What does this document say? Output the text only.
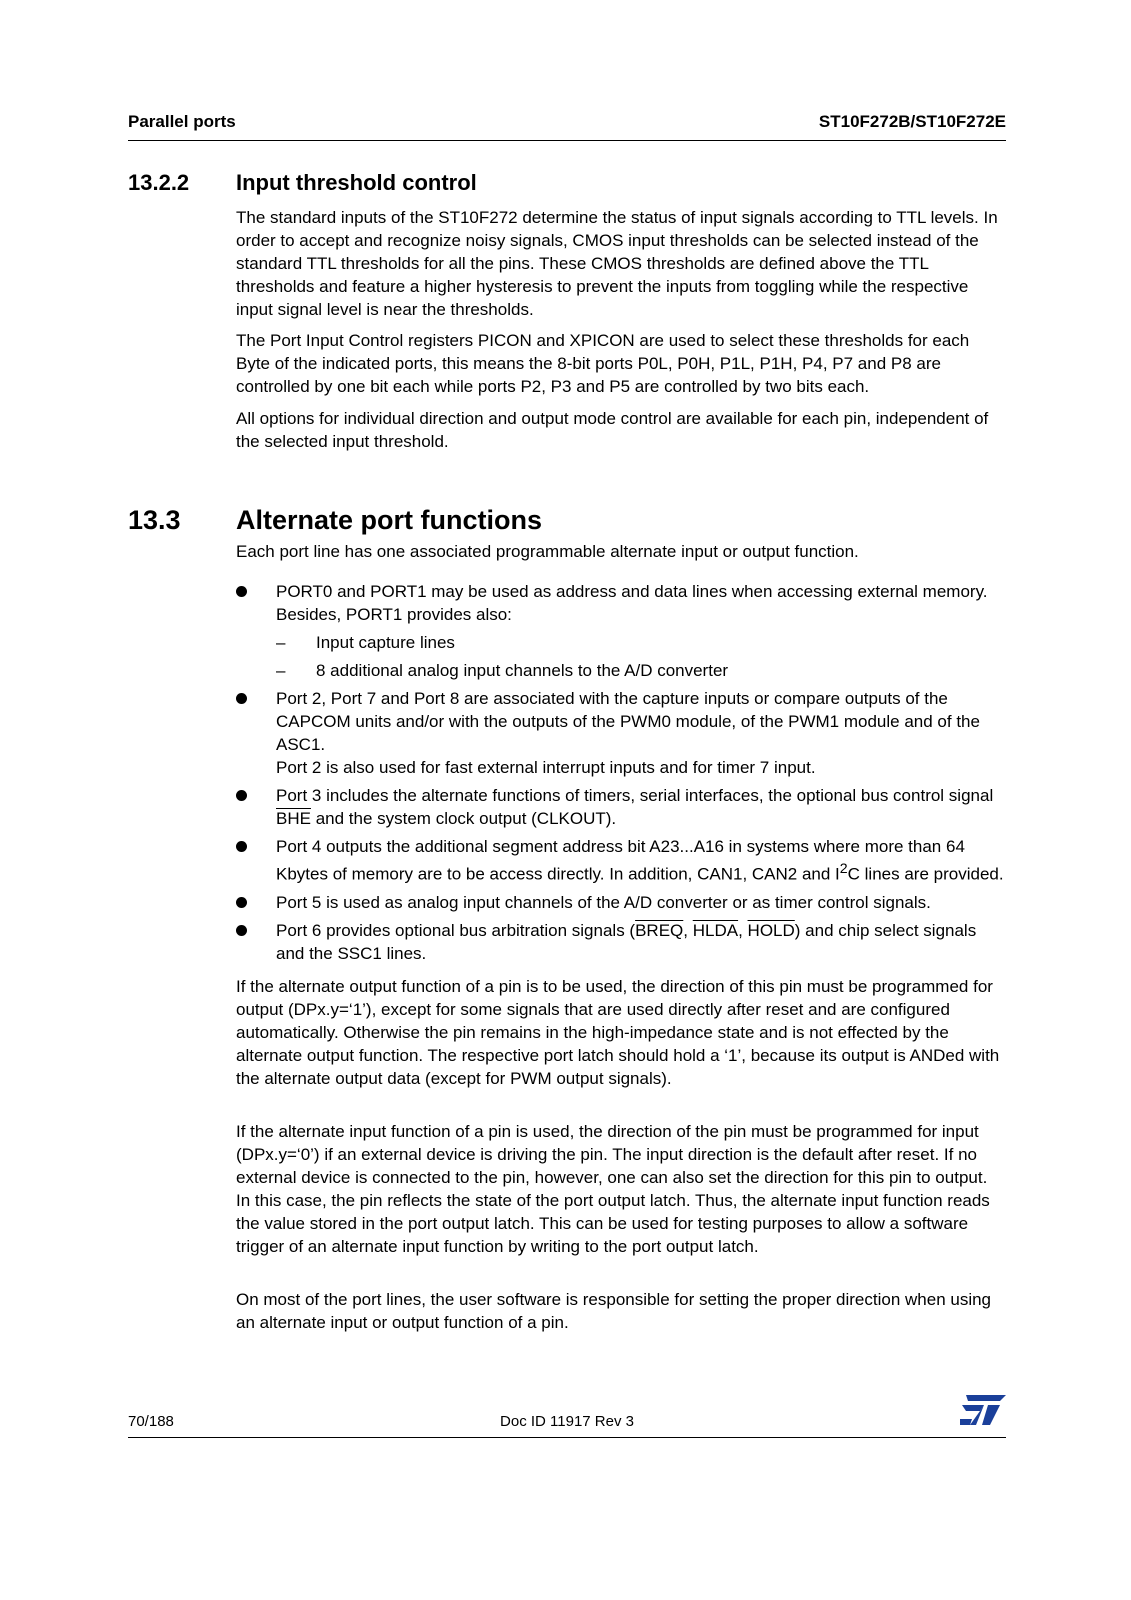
Parallel ports	ST10F272B/ST10F272E
13.2.2 Input threshold control

The standard inputs of the ST10F272 determine the status of input signals according to TTL levels. In order to accept and recognize noisy signals, CMOS input thresholds can be selected instead of the standard TTL thresholds for all the pins. These CMOS thresholds are defined above the TTL thresholds and feature a higher hysteresis to prevent the inputs from toggling while the respective input signal level is near the thresholds.

The Port Input Control registers PICON and XPICON are used to select these thresholds for each Byte of the indicated ports, this means the 8-bit ports P0L, P0H, P1L, P1H, P4, P7 and P8 are controlled by one bit each while ports P2, P3 and P5 are controlled by two bits each.

All options for individual direction and output mode control are available for each pin, independent of the selected input threshold.

13.3 Alternate port functions

Each port line has one associated programmable alternate input or output function.

PORT0 and PORT1 may be used as address and data lines when accessing external memory. Besides, PORT1 provides also:
– Input capture lines
– 8 additional analog input channels to the A/D converter
Port 2, Port 7 and Port 8 are associated with the capture inputs or compare outputs of the CAPCOM units and/or with the outputs of the PWM0 module, of the PWM1 module and of the ASC1.
Port 2 is also used for fast external interrupt inputs and for timer 7 input.
Port 3 includes the alternate functions of timers, serial interfaces, the optional bus control signal $\overline{BHE}$ and the system clock output (CLKOUT).
Port 4 outputs the additional segment address bit A23...A16 in systems where more than 64 Kbytes of memory are to be access directly. In addition, CAN1, CAN2 and $I^2C$ lines are provided.
Port 5 is used as analog input channels of the A/D converter or as timer control signals.
Port 6 provides optional bus arbitration signals (BREQ, HLDA, HOLD) and chip select signals and the SSC1 lines.

If the alternate output function of a pin is to be used, the direction of this pin must be programmed for output (DPx.y=‘1’), except for some signals that are used directly after reset and are configured automatically. Otherwise the pin remains in the high-impedance state and is not effected by the alternate output function. The respective port latch should hold a ‘1’, because its output is ANDed with the alternate output data (except for PWM output signals).

If the alternate input function of a pin is used, the direction of the pin must be programmed for input (DPx.y=‘0’) if an external device is driving the pin. The input direction is the default after reset. If no external device is connected to the pin, however, one can also set the direction for this pin to output. In this case, the pin reflects the state of the port output latch. Thus, the alternate input function reads the value stored in the port output latch. This can be used for testing purposes to allow a software trigger of an alternate input function by writing to the port output latch.

On most of the port lines, the user software is responsible for setting the proper direction when using an alternate input or output function of a pin.

70/188	Doc ID 11917 Rev 3
